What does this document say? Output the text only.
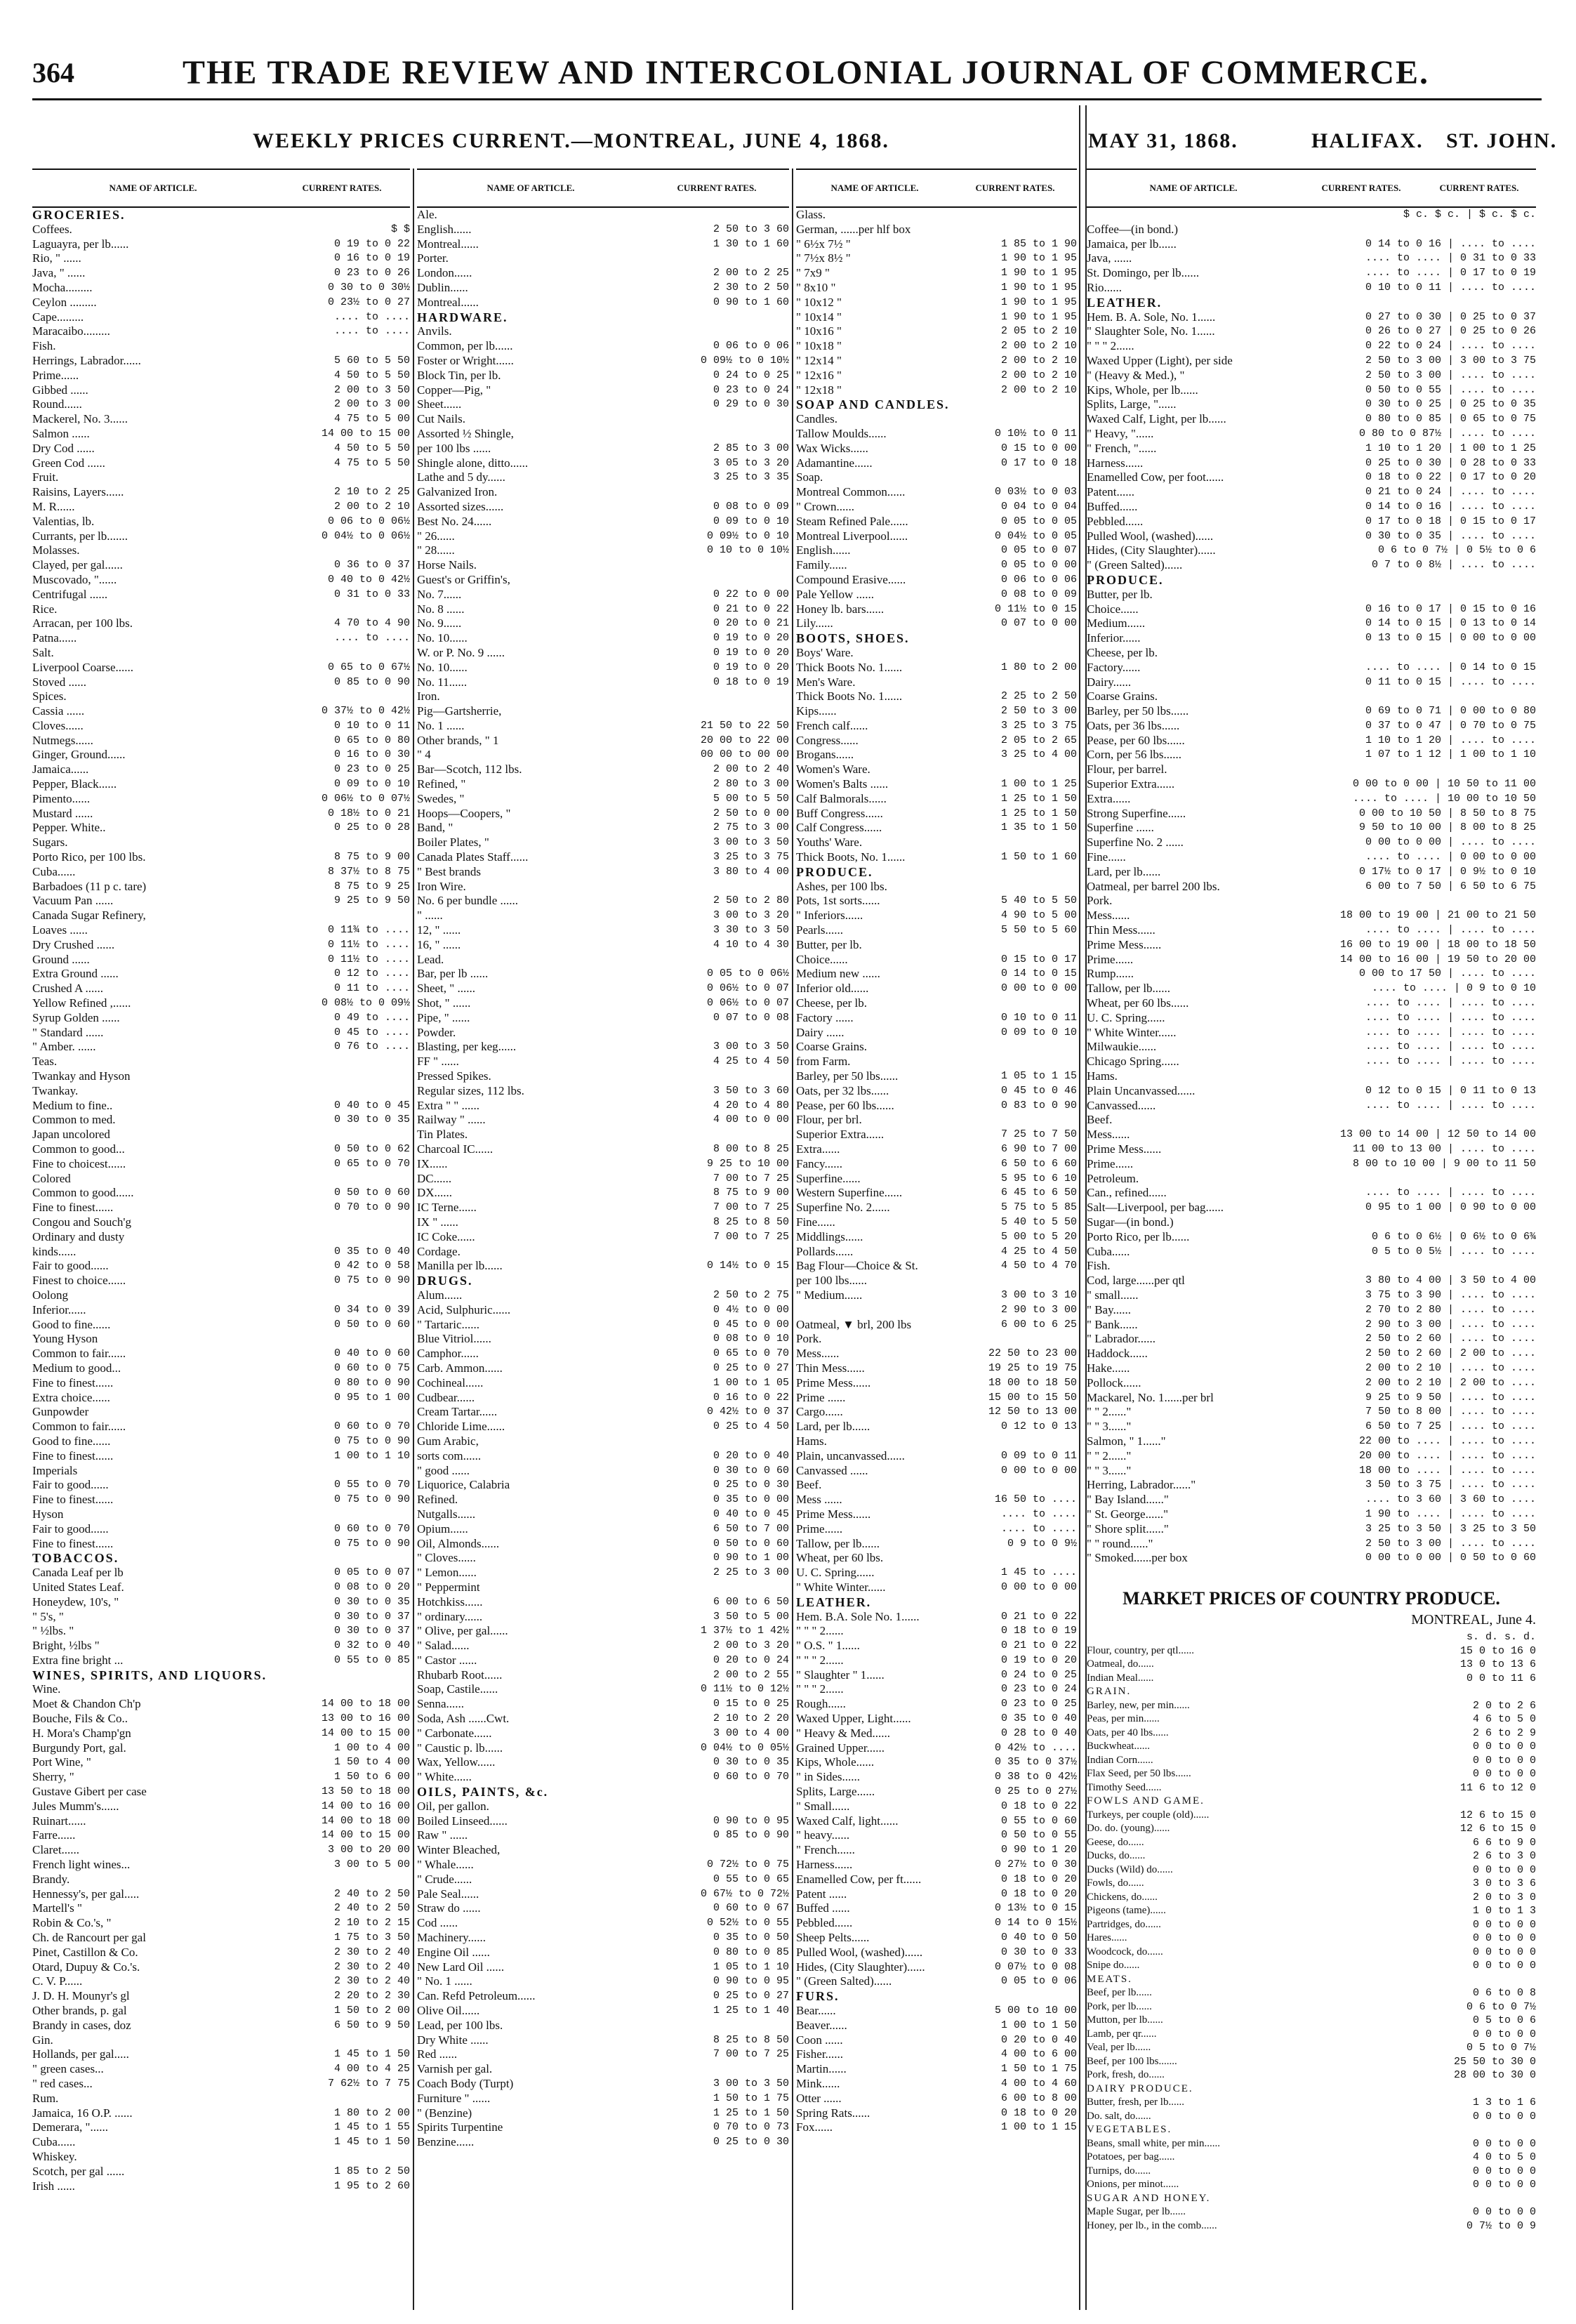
364	THE TRADE REVIEW AND INTERCOLONIAL JOURNAL OF COMMERCE.
WEEKLY PRICES CURRENT.—MONTREAL, JUNE 4, 1868.	MAY 31, 1868.	HALIFAX. ST. JOHN.
NAME OF ARTICLE.	CURRENT RATES.
GROCERIES.
Coffees.	$ $
Laguayra, per lb......	0 19 to 0 22
Rio, " ......	0 16 to 0 19
Java, " ......	0 23 to 0 26
Mocha.........	0 30 to 0 30½
Ceylon .........	0 23½ to 0 27
Cape.........	.... to ....
Maracaibo.........	.... to ....
Fish.
Herrings, Labrador......	5 60 to 5 50
Prime......	4 50 to 5 50
Gibbed ......	2 00 to 3 50
Round......	2 00 to 3 00
Mackerel, No. 3......	4 75 to 5 00
Salmon ......	14 00 to 15 00
Dry Cod ......	4 50 to 5 50
Green Cod ......	4 75 to 5 50
Fruit.
Raisins, Layers......	2 10 to 2 25
M. R......	2 00 to 2 10
Valentias, lb.	0 06 to 0 06½
Currants, per lb.......	0 04½ to 0 06½
Molasses.
Clayed, per gal......	0 36 to 0 37
Muscovado, "......	0 40 to 0 42½
Centrifugal ......	0 31 to 0 33
Rice.
Arracan, per 100 lbs.	4 70 to 4 90
Patna......	.... to ....
Salt.
Liverpool Coarse......	0 65 to 0 67½
Stoved ......	0 85 to 0 90
Spices.
Cassia ......	0 37½ to 0 42½
Cloves......	0 10 to 0 11
Nutmegs......	0 65 to 0 80
Ginger, Ground......	0 16 to 0 30
Jamaica......	0 23 to 0 25
Pepper, Black......	0 09 to 0 10
Pimento......	0 06½ to 0 07½
Mustard ......	0 18½ to 0 21
Pepper. White..	0 25 to 0 28
Sugars.
Porto Rico, per 100 lbs.	8 75 to 9 00
Cuba......	8 37½ to 8 75
Barbadoes (11 p c. tare)	8 75 to 9 25
Vacuum Pan ......	9 25 to 9 50
Canada Sugar Refinery,
Loaves ......	0 11¾ to ....
Dry Crushed ......	0 11½ to ....
Ground ......	0 11½ to ....
Extra Ground ......	0 12 to ....
Crushed A ......	0 11 to ....
Yellow Refined ,......	0 08½ to 0 09½
Syrup Golden ......	0 49 to ....
" Standard ......	0 45 to ....
" Amber. ......	0 76 to ....
Teas.
Twankay and Hyson
Twankay.
Medium to fine..	0 40 to 0 45
Common to med.	0 30 to 0 35
Japan uncolored
Common to good...	0 50 to 0 62
Fine to choicest......	0 65 to 0 70
Colored
Common to good......	0 50 to 0 60
Fine to finest......	0 70 to 0 90
Congou and Souch'g
Ordinary and dusty
kinds......	0 35 to 0 40
Fair to good......	0 42 to 0 58
Finest to choice......	0 75 to 0 90
Oolong
Inferior......	0 34 to 0 39
Good to fine......	0 50 to 0 60
Young Hyson
Common to fair......	0 40 to 0 60
Medium to good...	0 60 to 0 75
Fine to finest......	0 80 to 0 90
Extra choice......	0 95 to 1 00
Gunpowder
Common to fair......	0 60 to 0 70
Good to fine......	0 75 to 0 90
Fine to finest......	1 00 to 1 10
Imperials
Fair to good......	0 55 to 0 70
Fine to finest......	0 75 to 0 90
Hyson
Fair to good......	0 60 to 0 70
Fine to finest......	0 75 to 0 90
TOBACCOS.
Canada Leaf per lb	0 05 to 0 07
United States Leaf.	0 08 to 0 20
Honeydew, 10's, "	0 30 to 0 35
" 5's, "	0 30 to 0 37
" ½lbs. "	0 30 to 0 37
Bright, ½lbs "	0 32 to 0 40
Extra fine bright ...	0 55 to 0 85
WINES, SPIRITS, AND LIQUORS.
Wine.
Moet & Chandon Ch'p	14 00 to 18 00
Bouche, Fils & Co..	13 00 to 16 00
H. Mora's Champ'gn	14 00 to 15 00
Burgundy Port, gal.	1 00 to 4 00
Port Wine, "	1 50 to 4 00
Sherry, "	1 50 to 6 00
Gustave Gibert per case	13 50 to 18 00
Jules Mumm's......	14 00 to 16 00
Ruinart......	14 00 to 18 00
Farre......	14 00 to 15 00
Claret......	3 00 to 20 00
French light wines...	3 00 to 5 00
Brandy.
Hennessy's, per gal.....	2 40 to 2 50
Martell's "	2 40 to 2 50
Robin & Co.'s, "	2 10 to 2 15
Ch. de Rancourt per gal	1 75 to 3 50
Pinet, Castillon & Co.	2 30 to 2 40
Otard, Dupuy & Co.'s.	2 30 to 2 40
C. V. P......	2 30 to 2 40
J. D. H. Mounyr's gl	2 20 to 2 30
Other brands, p. gal	1 50 to 2 00
Brandy in cases, doz	6 50 to 9 50
Gin.
Hollands, per gal.....	1 45 to 1 50
" green cases...	4 00 to 4 25
" red cases...	7 62½ to 7 75
Rum.
Jamaica, 16 O.P. ......	1 80 to 2 00
Demerara, "......	1 45 to 1 55
Cuba......	1 45 to 1 50
Whiskey.
Scotch, per gal ......	1 85 to 2 50
Irish ......	1 95 to 2 60
NAME OF ARTICLE.	CURRENT RATES.
Ale.
English......	2 50 to 3 60
Montreal......	1 30 to 1 60
Porter.
London......	2 00 to 2 25
Dublin......	2 30 to 2 50
Montreal......	0 90 to 1 60
HARDWARE.
Anvils.
Common, per lb......	0 06 to 0 06
Foster or Wright......	0 09½ to 0 10½
Block Tin, per lb.	0 24 to 0 25
Copper—Pig, "	0 23 to 0 24
Sheet......	0 29 to 0 30
Cut Nails.
Assorted ½ Shingle,
per 100 lbs ......	2 85 to 3 00
Shingle alone, ditto......	3 05 to 3 20
Lathe and 5 dy......	3 25 to 3 35
Galvanized Iron.
Assorted sizes......	0 08 to 0 09
Best No. 24......	0 09 to 0 10
" 26......	0 09½ to 0 10
" 28......	0 10 to 0 10½
Horse Nails.
Guest's or Griffin's,
No. 7......	0 22 to 0 00
No. 8 ......	0 21 to 0 22
No. 9......	0 20 to 0 21
No. 10......	0 19 to 0 20
W. or P. No. 9 ......	0 19 to 0 20
No. 10......	0 19 to 0 20
No. 11......	0 18 to 0 19
Iron.
Pig—Gartsherrie,
No. 1 ......	21 50 to 22 50
Other brands, " 1	20 00 to 22 00
" 4	00 00 to 00 00
Bar—Scotch, 112 lbs.	2 00 to 2 40
Refined, "	2 80 to 3 00
Swedes, "	5 00 to 5 50
Hoops—Coopers, "	2 50 to 0 00
Band, "	2 75 to 3 00
Boiler Plates, "	3 00 to 3 50
Canada Plates Staff......	3 25 to 3 75
" Best brands	3 80 to 4 00
Iron Wire.
No. 6 per bundle ......	2 50 to 2 80
" ......	3 00 to 3 20
12, " ......	3 30 to 3 50
16, " ......	4 10 to 4 30
Lead.
Bar, per lb ......	0 05 to 0 06½
Sheet, " ......	0 06½ to 0 07
Shot, " ......	0 06½ to 0 07
Pipe, " ......	0 07 to 0 08
Powder.
Blasting, per keg......	3 00 to 3 50
FF " ......	4 25 to 4 50
Pressed Spikes.
Regular sizes, 112 lbs.	3 50 to 3 60
Extra " " ......	4 20 to 4 80
Railway " ......	4 00 to 0 00
Tin Plates.
Charcoal IC......	8 00 to 8 25
IX......	9 25 to 10 00
DC......	7 00 to 7 25
DX......	8 75 to 9 00
IC Terne......	7 00 to 7 25
IX " ......	8 25 to 8 50
IC Coke......	7 00 to 7 25
Cordage.
Manilla per lb......	0 14½ to 0 15
DRUGS.
Alum......	2 50 to 2 75
Acid, Sulphuric......	0 4½ to 0 00
" Tartaric......	0 45 to 0 00
Blue Vitriol......	0 08 to 0 10
Camphor......	0 65 to 0 70
Carb. Ammon......	0 25 to 0 27
Cochineal......	1 00 to 1 05
Cudbear......	0 16 to 0 22
Cream Tartar......	0 42½ to 0 37
Chloride Lime......	0 25 to 4 50
Gum Arabic,
sorts com......	0 20 to 0 40
" good ......	0 30 to 0 60
Liquorice, Calabria	0 25 to 0 30
Refined.	0 35 to 0 00
Nutgalls......	0 40 to 0 45
Opium......	6 50 to 7 00
Oil, Almonds......	0 50 to 0 60
" Cloves......	0 90 to 1 00
" Lemon......	2 25 to 3 00
" Peppermint
Hotchkiss......	6 00 to 6 50
" ordinary......	3 50 to 5 00
" Olive, per gal......	1 37½ to 1 42½
" Salad......	2 00 to 3 20
" Castor ......	0 20 to 0 24
Rhubarb Root......	2 00 to 2 55
Soap, Castile......	0 11½ to 0 12½
Senna......	0 15 to 0 25
Soda, Ash ......Cwt.	2 10 to 2 20
" Carbonate......	3 00 to 4 00
" Caustic p. lb......	0 04½ to 0 05½
Wax, Yellow......	0 30 to 0 35
" White......	0 60 to 0 70
OILS, PAINTS, &c.
Oil, per gallon.
Boiled Linseed......	0 90 to 0 95
Raw " ......	0 85 to 0 90
Winter Bleached,
" Whale......	0 72½ to 0 75
" Crude......	0 55 to 0 65
Pale Seal......	0 67½ to 0 72½
Straw do ......	0 60 to 0 67
Cod ......	0 52½ to 0 55
Machinery......	0 35 to 0 50
Engine Oil ......	0 80 to 0 85
New Lard Oil ......	1 05 to 1 10
" No. 1 ......	0 90 to 0 95
Can. Refd Petroleum......	0 25 to 0 27
Olive Oil......	1 25 to 1 40
Lead, per 100 lbs.
Dry White ......	8 25 to 8 50
Red ......	7 00 to 7 25
Varnish per gal.
Coach Body (Turpt)	3 00 to 3 50
Furniture " ......	1 50 to 1 75
" (Benzine)	1 25 to 1 50
Spirits Turpentine	0 70 to 0 73
Benzine......	0 25 to 0 30
NAME OF ARTICLE.	CURRENT RATES.
Glass.
German, ......per hlf box
" 6½x 7½ "	1 85 to 1 90
" 7½x 8½ "	1 90 to 1 95
" 7x9 "	1 90 to 1 95
" 8x10 "	1 90 to 1 95
" 10x12 "	1 90 to 1 95
" 10x14 "	1 90 to 1 95
" 10x16 "	2 05 to 2 10
" 10x18 "	2 00 to 2 10
" 12x14 "	2 00 to 2 10
" 12x16 "	2 00 to 2 10
" 12x18 "	2 00 to 2 10
SOAP AND CANDLES.
Candles.
Tallow Moulds......	0 10½ to 0 11
Wax Wicks......	0 15 to 0 00
Adamantine......	0 17 to 0 18
Soap.
Montreal Common......	0 03½ to 0 03
" Crown......	0 04 to 0 04
Steam Refined Pale......	0 05 to 0 05
Montreal Liverpool......	0 04½ to 0 05
English......	0 05 to 0 07
Family......	0 05 to 0 00
Compound Erasive......	0 06 to 0 06
Pale Yellow ......	0 08 to 0 09
Honey lb. bars......	0 11½ to 0 15
Lily......	0 07 to 0 00
BOOTS, SHOES.
Boys' Ware.
Thick Boots No. 1......	1 80 to 2 00
Men's Ware.
Thick Boots No. 1......	2 25 to 2 50
Kips......	2 50 to 3 00
French calf......	3 25 to 3 75
Congress......	2 05 to 2 65
Brogans......	3 25 to 4 00
Women's Ware.
Women's Balts ......	1 00 to 1 25
Calf Balmorals......	1 25 to 1 50
Buff Congress......	1 25 to 1 50
Calf Congress......	1 35 to 1 50
Youths' Ware.
Thick Boots, No. 1......	1 50 to 1 60
PRODUCE.
Ashes, per 100 lbs.
Pots, 1st sorts......	5 40 to 5 50
" Inferiors......	4 90 to 5 00
Pearls......	5 50 to 5 60
Butter, per lb.
Choice......	0 15 to 0 17
Medium new ......	0 14 to 0 15
Inferior old......	0 00 to 0 00
Cheese, per lb.
Factory ......	0 10 to 0 11
Dairy ......	0 09 to 0 10
Coarse Grains.
from Farm.
Barley, per 50 lbs......	1 05 to 1 15
Oats, per 32 lbs......	0 45 to 0 46
Pease, per 60 lbs......	0 83 to 0 90
Flour, per brl.
Superior Extra......	7 25 to 7 50
Extra......	6 90 to 7 00
Fancy......	6 50 to 6 60
Superfine......	5 95 to 6 10
Western Superfine......	6 45 to 6 50
Superfine No. 2......	5 75 to 5 85
Fine......	5 40 to 5 50
Middlings......	5 00 to 5 20
Pollards......	4 25 to 4 50
Bag Flour—Choice & St.	4 50 to 4 70
per 100 lbs......
" Medium......	3 00 to 3 10
2 90 to 3 00
Oatmeal, ▼ brl, 200 lbs	6 00 to 6 25
Pork.
Mess......	22 50 to 23 00
Thin Mess......	19 25 to 19 75
Prime Mess......	18 00 to 18 50
Prime ......	15 00 to 15 50
Cargo......	12 50 to 13 00
Lard, per lb......	0 12 to 0 13
Hams.
Plain, uncanvassed......	0 09 to 0 11
Canvassed ......	0 00 to 0 00
Beef.
Mess ......	16 50 to ....
Prime Mess......	.... to ....
Prime......	.... to ....
Tallow, per lb......	0 9 to 0 9½
Wheat, per 60 lbs.
U. C. Spring......	1 45 to ....
" White Winter......	0 00 to 0 00
LEATHER.
Hem. B.A. Sole No. 1......	0 21 to 0 22
" " " 2......	0 18 to 0 19
" O.S. " 1......	0 21 to 0 22
" " " 2......	0 19 to 0 20
" Slaughter " 1......	0 24 to 0 25
" " " 2......	0 23 to 0 24
Rough......	0 23 to 0 25
Waxed Upper, Light......	0 35 to 0 40
" Heavy & Med......	0 28 to 0 40
Grained Upper......	0 42½ to ....
Kips, Whole......	0 35 to 0 37½
" in Sides......	0 38 to 0 42½
Splits, Large......	0 25 to 0 27½
" Small......	0 18 to 0 22
Waxed Calf, light......	0 55 to 0 60
" heavy......	0 50 to 0 55
" French......	0 90 to 1 20
Harness......	0 27½ to 0 30
Enamelled Cow, per ft......	0 18 to 0 20
Patent ......	0 18 to 0 20
Buffed ......	0 13½ to 0 15
Pebbled......	0 14 to 0 15½
Sheep Pelts......	0 40 to 0 50
Pulled Wool, (washed)......	0 30 to 0 33
Hides, (City Slaughter)......	0 07½ to 0 08
" (Green Salted)......	0 05 to 0 06
FURS.
Bear......	5 00 to 10 00
Beaver......	1 00 to 1 50
Coon ......	0 20 to 0 40
Fisher......	4 00 to 6 00
Martin......	1 50 to 1 75
Mink......	4 00 to 4 60
Otter ......	6 00 to 8 00
Spring Rats......	0 18 to 0 20
Fox......	1 00 to 1 15
NAME OF ARTICLE.	CURRENT RATES.	CURRENT RATES.
$ c. $ c. | $ c. $ c.
Coffee—(in bond.)
Jamaica, per lb......	0 14 to 0 16 | .... to ....
Java, ......	.... to .... | 0 31 to 0 33
St. Domingo, per lb......	.... to .... | 0 17 to 0 19
Rio......	0 10 to 0 11 | .... to ....
LEATHER.
Hem. B. A. Sole, No. 1......	0 27 to 0 30 | 0 25 to 0 37
" Slaughter Sole, No. 1......	0 26 to 0 27 | 0 25 to 0 26
" " " 2......	0 22 to 0 24 | .... to ....
Waxed Upper (Light), per side	2 50 to 3 00 | 3 00 to 3 75
" (Heavy & Med.), "	2 50 to 3 00 | .... to ....
Kips, Whole, per lb......	0 50 to 0 55 | .... to ....
Splits, Large, "......	0 30 to 0 25 | 0 25 to 0 35
Waxed Calf, Light, per lb......	0 80 to 0 85 | 0 65 to 0 75
" Heavy, "......	0 80 to 0 87½ | .... to ....
" French, "......	1 10 to 1 20 | 1 00 to 1 25
Harness......	0 25 to 0 30 | 0 28 to 0 33
Enamelled Cow, per foot......	0 18 to 0 22 | 0 17 to 0 20
Patent......	0 21 to 0 24 | .... to ....
Buffed......	0 14 to 0 16 | .... to ....
Pebbled......	0 17 to 0 18 | 0 15 to 0 17
Pulled Wool, (washed)......	0 30 to 0 35 | .... to ....
Hides, (City Slaughter)......	0 6 to 0 7½ | 0 5½ to 0 6
" (Green Salted)......	0 7 to 0 8½ | .... to ....
PRODUCE.
Butter, per lb.
Choice......	0 16 to 0 17 | 0 15 to 0 16
Medium......	0 14 to 0 15 | 0 13 to 0 14
Inferior......	0 13 to 0 15 | 0 00 to 0 00
Cheese, per lb.
Factory......	.... to .... | 0 14 to 0 15
Dairy......	0 11 to 0 15 | .... to ....
Coarse Grains.
Barley, per 50 lbs......	0 69 to 0 71 | 0 00 to 0 80
Oats, per 36 lbs......	0 37 to 0 47 | 0 70 to 0 75
Pease, per 60 lbs......	1 10 to 1 20 | .... to ....
Corn, per 56 lbs......	1 07 to 1 12 | 1 00 to 1 10
Flour, per barrel.
Superior Extra......	0 00 to 0 00 | 10 50 to 11 00
Extra......	.... to .... | 10 00 to 10 50
Strong Superfine......	0 00 to 10 50 | 8 50 to 8 75
Superfine ......	9 50 to 10 00 | 8 00 to 8 25
Superfine No. 2 ......	0 00 to 0 00 | .... to ....
Fine......	.... to .... | 0 00 to 0 00
Lard, per lb......	0 17½ to 0 17 | 0 9½ to 0 10
Oatmeal, per barrel 200 lbs.	6 00 to 7 50 | 6 50 to 6 75
Pork.
Mess......	18 00 to 19 00 | 21 00 to 21 50
Thin Mess......	.... to .... | .... to ....
Prime Mess......	16 00 to 19 00 | 18 00 to 18 50
Prime......	14 00 to 16 00 | 19 50 to 20 00
Rump......	0 00 to 17 50 | .... to ....
Tallow, per lb......	.... to .... | 0 9 to 0 10
Wheat, per 60 lbs......	.... to .... | .... to ....
U. C. Spring......	.... to .... | .... to ....
" White Winter......	.... to .... | .... to ....
Milwaukie......	.... to .... | .... to ....
Chicago Spring......	.... to .... | .... to ....
Hams.
Plain Uncanvassed......	0 12 to 0 15 | 0 11 to 0 13
Canvassed......	.... to .... | .... to ....
Beef.
Mess......	13 00 to 14 00 | 12 50 to 14 00
Prime Mess......	11 00 to 13 00 | .... to ....
Prime......	8 00 to 10 00 | 9 00 to 11 50
Petroleum.
Can., refined......	.... to .... | .... to ....
Salt—Liverpool, per bag......	0 95 to 1 00 | 0 90 to 0 00
Sugar—(in bond.)
Porto Rico, per lb......	0 6 to 0 6½ | 0 6½ to 0 6¾
Cuba......	0 5 to 0 5½ | .... to ....
Fish.
Cod, large......per qtl	3 80 to 4 00 | 3 50 to 4 00
" small......	3 75 to 3 90 | .... to ....
" Bay......	2 70 to 2 80 | .... to ....
" Bank......	2 90 to 3 00 | .... to ....
" Labrador......	2 50 to 2 60 | .... to ....
Haddock......	2 50 to 2 60 | 2 00 to ....
Hake......	2 00 to 2 10 | .... to ....
Pollock......	2 00 to 2 10 | 2 00 to ....
Mackarel, No. 1......per brl	9 25 to 9 50 | .... to ....
" " 2......"	7 50 to 8 00 | .... to ....
" " 3......"	6 50 to 7 25 | .... to ....
Salmon, " 1......"	22 00 to .... | .... to ....
" " 2......"	20 00 to .... | .... to ....
" " 3......"	18 00 to .... | .... to ....
Herring, Labrador......"	3 50 to 3 75 | .... to ....
" Bay Island......"	.... to 3 60 | 3 60 to ....
" St. George......"	1 90 to .... | .... to ....
" Shore split......"	3 25 to 3 50 | 3 25 to 3 50
" " round......"	2 50 to 3 00 | .... to ....
" Smoked......per box	0 00 to 0 00 | 0 50 to 0 60
MARKET PRICES OF COUNTRY PRODUCE.
MONTREAL, June 4.
s. d. s. d.
Flour, country, per qtl......	15 0 to 16 0
Oatmeal, do......	13 0 to 13 6
Indian Meal......	0 0 to 11 6
GRAIN.
Barley, new, per min......	2 0 to 2 6
Peas, per min......	4 6 to 5 0
Oats, per 40 lbs......	2 6 to 2 9
Buckwheat......	0 0 to 0 0
Indian Corn......	0 0 to 0 0
Flax Seed, per 50 lbs......	0 0 to 0 0
Timothy Seed......	11 6 to 12 0
FOWLS AND GAME.
Turkeys, per couple (old)......	12 6 to 15 0
Do. do. (young)......	12 6 to 15 0
Geese, do......	6 6 to 9 0
Ducks, do......	2 6 to 3 0
Ducks (Wild) do......	0 0 to 0 0
Fowls, do......	3 0 to 3 6
Chickens, do......	2 0 to 3 0
Pigeons (tame)......	1 0 to 1 3
Partridges, do......	0 0 to 0 0
Hares......	0 0 to 0 0
Woodcock, do......	0 0 to 0 0
Snipe do......	0 0 to 0 0
MEATS.
Beef, per lb......	0 6 to 0 8
Pork, per lb......	0 6 to 0 7½
Mutton, per lb......	0 5 to 0 6
Lamb, per qr......	0 0 to 0 0
Veal, per lb......	0 5 to 0 7½
Beef, per 100 lbs.......	25 50 to 30 0
Pork, fresh, do......	28 00 to 30 0
DAIRY PRODUCE.
Butter, fresh, per lb......	1 3 to 1 6
Do. salt, do......	0 0 to 0 0
VEGETABLES.
Beans, small white, per min......	0 0 to 0 0
Potatoes, per bag......	4 0 to 5 0
Turnips, do......	0 0 to 0 0
Onions, per minot......	0 0 to 0 0
SUGAR AND HONEY.
Maple Sugar, per lb......	0 0 to 0 0
Honey, per lb., in the comb......	0 7½ to 0 9
